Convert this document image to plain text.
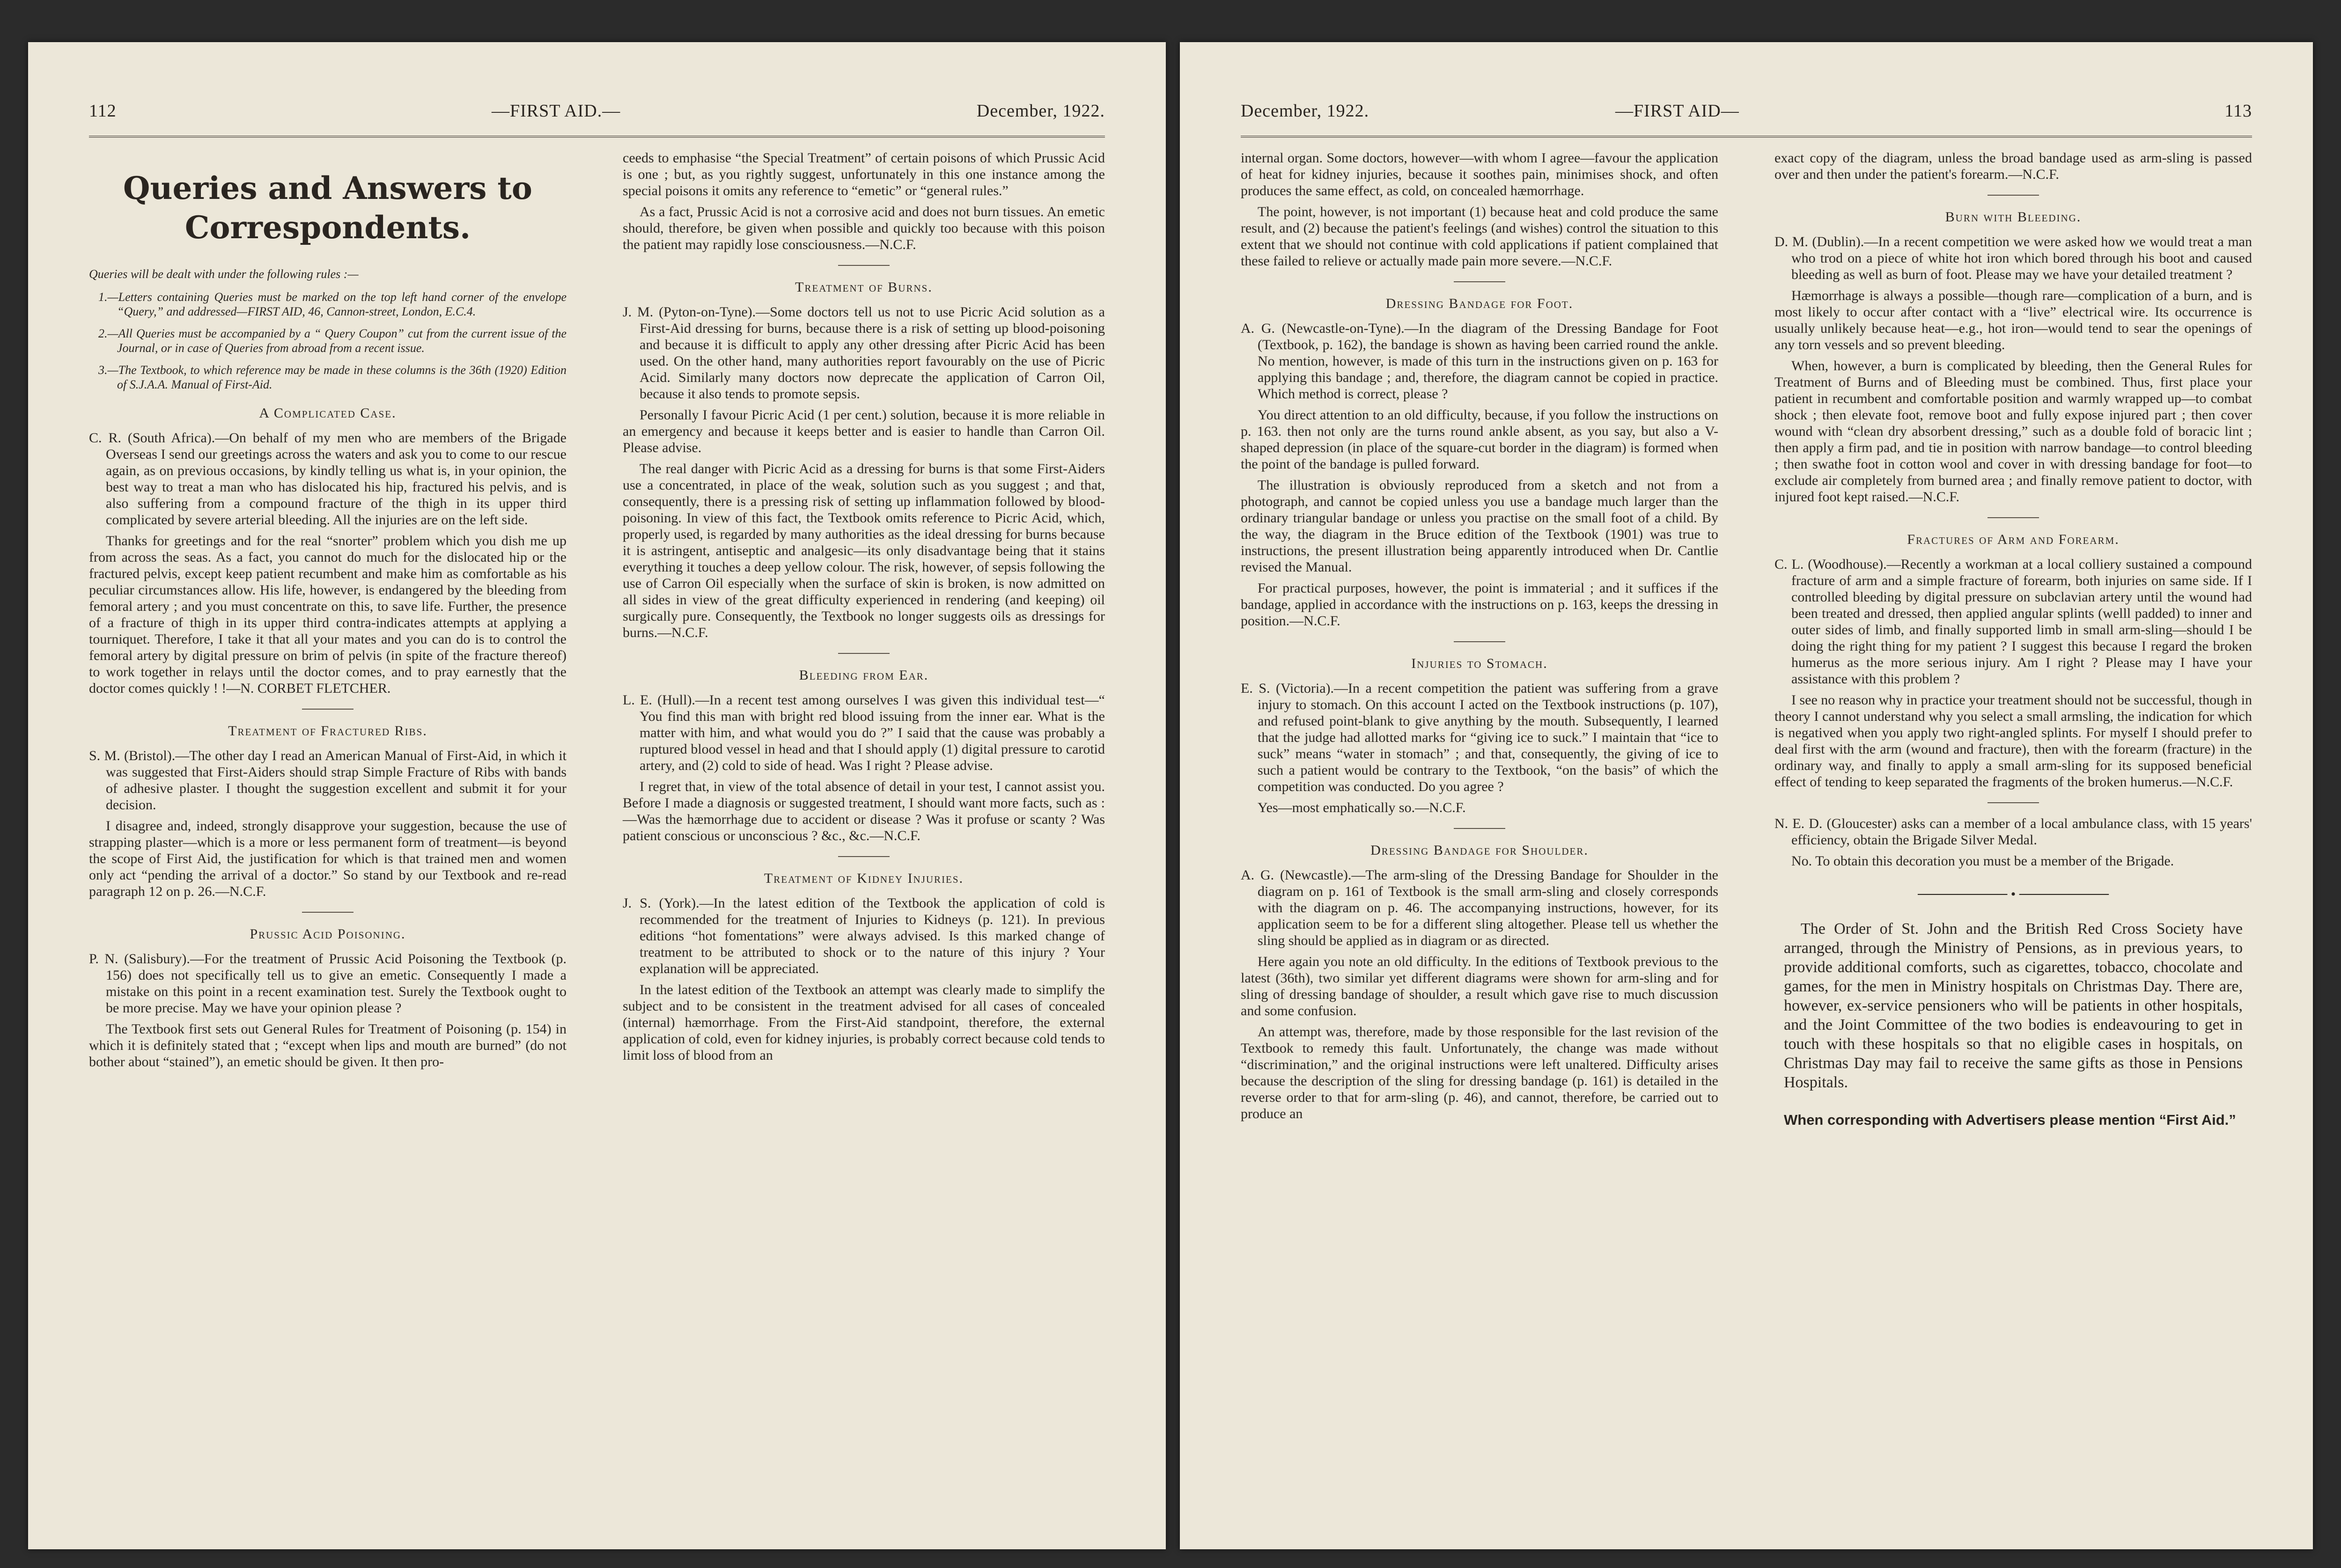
112	—FIRST AID.—	December, 1922.
Queries and Answers to Correspondents.
Queries will be dealt with under the following rules :—
1.—Letters containing Queries must be marked on the top left hand corner of the envelope “Query,” and addressed—FIRST AID, 46, Cannon-street, London, E.C.4.
2.—All Queries must be accompanied by a “ Query Coupon” cut from the current issue of the Journal, or in case of Queries from abroad from a recent issue.
3.—The Textbook, to which reference may be made in these columns is the 36th (1920) Edition of S.J.A.A. Manual of First-Aid.
A Complicated Case.

C. R. (South Africa).—On behalf of my men who are members of the Brigade Overseas I send our greetings across the waters and ask you to come to our rescue again, as on previous occasions, by kindly telling us what is, in your opinion, the best way to treat a man who has dislocated his hip, fractured his pelvis, and is also suffering from a compound fracture of the thigh in its upper third complicated by severe arterial bleeding. All the injuries are on the left side.

Thanks for greetings and for the real “snorter” problem which you dish me up from across the seas. As a fact, you cannot do much for the dislocated hip or the fractured pelvis, except keep patient recumbent and make him as comfortable as his peculiar circumstances allow. His life, however, is endangered by the bleeding from femoral artery ; and you must concentrate on this, to save life. Further, the presence of a fracture of thigh in its upper third contra-indicates attempts at applying a tourniquet. Therefore, I take it that all your mates and you can do is to control the femoral artery by digital pressure on brim of pelvis (in spite of the fracture thereof) to work together in relays until the doctor comes, and to pray earnestly that the doctor comes quickly ! !—N. CORBET FLETCHER.

Treatment of Fractured Ribs.

S. M. (Bristol).—The other day I read an American Manual of First-Aid, in which it was suggested that First-Aiders should strap Simple Fracture of Ribs with bands of adhesive plaster. I thought the suggestion excellent and submit it for your decision.

I disagree and, indeed, strongly disapprove your suggestion, because the use of strapping plaster—which is a more or less permanent form of treatment—is beyond the scope of First Aid, the justification for which is that trained men and women only act “pending the arrival of a doctor.” So stand by our Textbook and re-read paragraph 12 on p. 26.—N.C.F.

Prussic Acid Poisoning.

P. N. (Salisbury).—For the treatment of Prussic Acid Poisoning the Textbook (p. 156) does not specifically tell us to give an emetic. Consequently I made a mistake on this point in a recent examination test. Surely the Textbook ought to be more precise. May we have your opinion please ?

The Textbook first sets out General Rules for Treatment of Poisoning (p. 154) in which it is definitely stated that ; “except when lips and mouth are burned” (do not bother about “stained”), an emetic should be given. It then pro-

ceeds to emphasise “the Special Treatment” of certain poisons of which Prussic Acid is one ; but, as you rightly suggest, unfortunately in this one instance among the special poisons it omits any reference to “emetic” or “general rules.”

As a fact, Prussic Acid is not a corrosive acid and does not burn tissues. An emetic should, therefore, be given when possible and quickly too because with this poison the patient may rapidly lose consciousness.—N.C.F.

Treatment of Burns.

J. M. (Pyton-on-Tyne).—Some doctors tell us not to use Picric Acid solution as a First-Aid dressing for burns, because there is a risk of setting up blood-poisoning and because it is difficult to apply any other dressing after Picric Acid has been used. On the other hand, many authorities report favourably on the use of Picric Acid. Similarly many doctors now deprecate the application of Carron Oil, because it also tends to promote sepsis.

Personally I favour Picric Acid (1 per cent.) solution, because it is more reliable in an emergency and because it keeps better and is easier to handle than Carron Oil. Please advise.

The real danger with Picric Acid as a dressing for burns is that some First-Aiders use a concentrated, in place of the weak, solution such as you suggest ; and that, consequently, there is a pressing risk of setting up inflammation followed by blood-poisoning. In view of this fact, the Textbook omits reference to Picric Acid, which, properly used, is regarded by many authorities as the ideal dressing for burns because it is astringent, antiseptic and analgesic—its only disadvantage being that it stains everything it touches a deep yellow colour. The risk, however, of sepsis following the use of Carron Oil especially when the surface of skin is broken, is now admitted on all sides in view of the great difficulty experienced in rendering (and keeping) oil surgically pure. Consequently, the Textbook no longer suggests oils as dressings for burns.—N.C.F.

Bleeding from Ear.

L. E. (Hull).—In a recent test among ourselves I was given this individual test—“ You find this man with bright red blood issuing from the inner ear. What is the matter with him, and what would you do ?” I said that the cause was probably a ruptured blood vessel in head and that I should apply (1) digital pressure to carotid artery, and (2) cold to side of head. Was I right ? Please advise.

I regret that, in view of the total absence of detail in your test, I cannot assist you. Before I made a diagnosis or suggested treatment, I should want more facts, such as :—Was the hæmorrhage due to accident or disease ? Was it profuse or scanty ? Was patient conscious or unconscious ? &c., &c.—N.C.F.

Treatment of Kidney Injuries.

J. S. (York).—In the latest edition of the Textbook the application of cold is recommended for the treatment of Injuries to Kidneys (p. 121). In previous editions “hot fomentations” were always advised. Is this marked change of treatment to be attributed to shock or to the nature of this injury ? Your explanation will be appreciated.

In the latest edition of the Textbook an attempt was clearly made to simplify the subject and to be consistent in the treatment advised for all cases of concealed (internal) hæmorrhage. From the First-Aid standpoint, therefore, the external application of cold, even for kidney injuries, is probably correct because cold tends to limit loss of blood from an

December, 1922.	—FIRST AID—	113

internal organ. Some doctors, however—with whom I agree—favour the application of heat for kidney injuries, because it soothes pain, minimises shock, and often produces the same effect, as cold, on concealed hæmorrhage.

The point, however, is not important (1) because heat and cold produce the same result, and (2) because the patient's feelings (and wishes) control the situation to this extent that we should not continue with cold applications if patient complained that these failed to relieve or actually made pain more severe.—N.C.F.

Dressing Bandage for Foot.

A. G. (Newcastle-on-Tyne).—In the diagram of the Dressing Bandage for Foot (Textbook, p. 162), the bandage is shown as having been carried round the ankle. No mention, however, is made of this turn in the instructions given on p. 163 for applying this bandage ; and, therefore, the diagram cannot be copied in practice. Which method is correct, please ?

You direct attention to an old difficulty, because, if you follow the instructions on p. 163. then not only are the turns round ankle absent, as you say, but also a V-shaped depression (in place of the square-cut border in the diagram) is formed when the point of the bandage is pulled forward.

The illustration is obviously reproduced from a sketch and not from a photograph, and cannot be copied unless you use a bandage much larger than the ordinary triangular bandage or unless you practise on the small foot of a child. By the way, the diagram in the Bruce edition of the Textbook (1901) was true to instructions, the present illustration being apparently introduced when Dr. Cantlie revised the Manual.

For practical purposes, however, the point is immaterial ; and it suffices if the bandage, applied in accordance with the instructions on p. 163, keeps the dressing in position.—N.C.F.

Injuries to Stomach.

E. S. (Victoria).—In a recent competition the patient was suffering from a grave injury to stomach. On this account I acted on the Textbook instructions (p. 107), and refused point-blank to give anything by the mouth. Subsequently, I learned that the judge had allotted marks for “giving ice to suck.” I maintain that “ice to suck” means “water in stomach” ; and that, consequently, the giving of ice to such a patient would be contrary to the Textbook, “on the basis” of which the competition was conducted. Do you agree ?

Yes—most emphatically so.—N.C.F.

Dressing Bandage for Shoulder.

A. G. (Newcastle).—The arm-sling of the Dressing Bandage for Shoulder in the diagram on p. 161 of Textbook is the small arm-sling and closely corresponds with the diagram on p. 46. The accompanying instructions, however, for its application seem to be for a different sling altogether. Please tell us whether the sling should be applied as in diagram or as directed.

Here again you note an old difficulty. In the editions of Textbook previous to the latest (36th), two similar yet different diagrams were shown for arm-sling and for sling of dressing bandage of shoulder, a result which gave rise to much discussion and some confusion.

An attempt was, therefore, made by those responsible for the last revision of the Textbook to remedy this fault. Unfortunately, the change was made without “discrimination,” and the original instructions were left unaltered. Difficulty arises because the description of the sling for dressing bandage (p. 161) is detailed in the reverse order to that for arm-sling (p. 46), and cannot, therefore, be carried out to produce an

exact copy of the diagram, unless the broad bandage used as arm-sling is passed over and then under the patient's forearm.—N.C.F.

Burn with Bleeding.

D. M. (Dublin).—In a recent competition we were asked how we would treat a man who trod on a piece of white hot iron which bored through his boot and caused bleeding as well as burn of foot. Please may we have your detailed treatment ?

Hæmorrhage is always a possible—though rare—complication of a burn, and is most likely to occur after contact with a “live” electrical wire. Its occurrence is usually unlikely because heat—e.g., hot iron—would tend to sear the openings of any torn vessels and so prevent bleeding.

When, however, a burn is complicated by bleeding, then the General Rules for Treatment of Burns and of Bleeding must be combined. Thus, first place your patient in recumbent and comfortable position and warmly wrapped up—to combat shock ; then elevate foot, remove boot and fully expose injured part ; then cover wound with “clean dry absorbent dressing,” such as a double fold of boracic lint ; then apply a firm pad, and tie in position with narrow bandage—to control bleeding ; then swathe foot in cotton wool and cover in with dressing bandage for foot—to exclude air completely from burned area ; and finally remove patient to doctor, with injured foot kept raised.—N.C.F.

Fractures of Arm and Forearm.

C. L. (Woodhouse).—Recently a workman at a local colliery sustained a compound fracture of arm and a simple fracture of forearm, both injuries on same side. If I controlled bleeding by digital pressure on subclavian artery until the wound had been treated and dressed, then applied angular splints (welll padded) to inner and outer sides of limb, and finally supported limb in small arm-sling—should I be doing the right thing for my patient ? I suggest this because I regard the broken humerus as the more serious injury. Am I right ? Please may I have your assistance with this problem ?

I see no reason why in practice your treatment should not be successful, though in theory I cannot understand why you select a small armsling, the indication for which is negatived when you apply two right-angled splints. For myself I should prefer to deal first with the arm (wound and fracture), then with the forearm (fracture) in the ordinary way, and finally to apply a small arm-sling for its supposed beneficial effect of tending to keep separated the fragments of the broken humerus.—N.C.F.

N. E. D. (Gloucester) asks can a member of a local ambulance class, with 15 years' efficiency, obtain the Brigade Silver Medal.

No. To obtain this decoration you must be a member of the Brigade.

───────── • ─────────
The Order of St. John and the British Red Cross Society have arranged, through the Ministry of Pensions, as in previous years, to provide additional comforts, such as cigarettes, tobacco, chocolate and games, for the men in Ministry hospitals on Christmas Day. There are, however, ex-service pensioners who will be patients in other hospitals, and the Joint Committee of the two bodies is endeavouring to get in touch with these hospitals so that no eligible cases in hospitals, on Christmas Day may fail to receive the same gifts as those in Pensions Hospitals.
When corresponding with Advertisers please mention “First Aid.”
